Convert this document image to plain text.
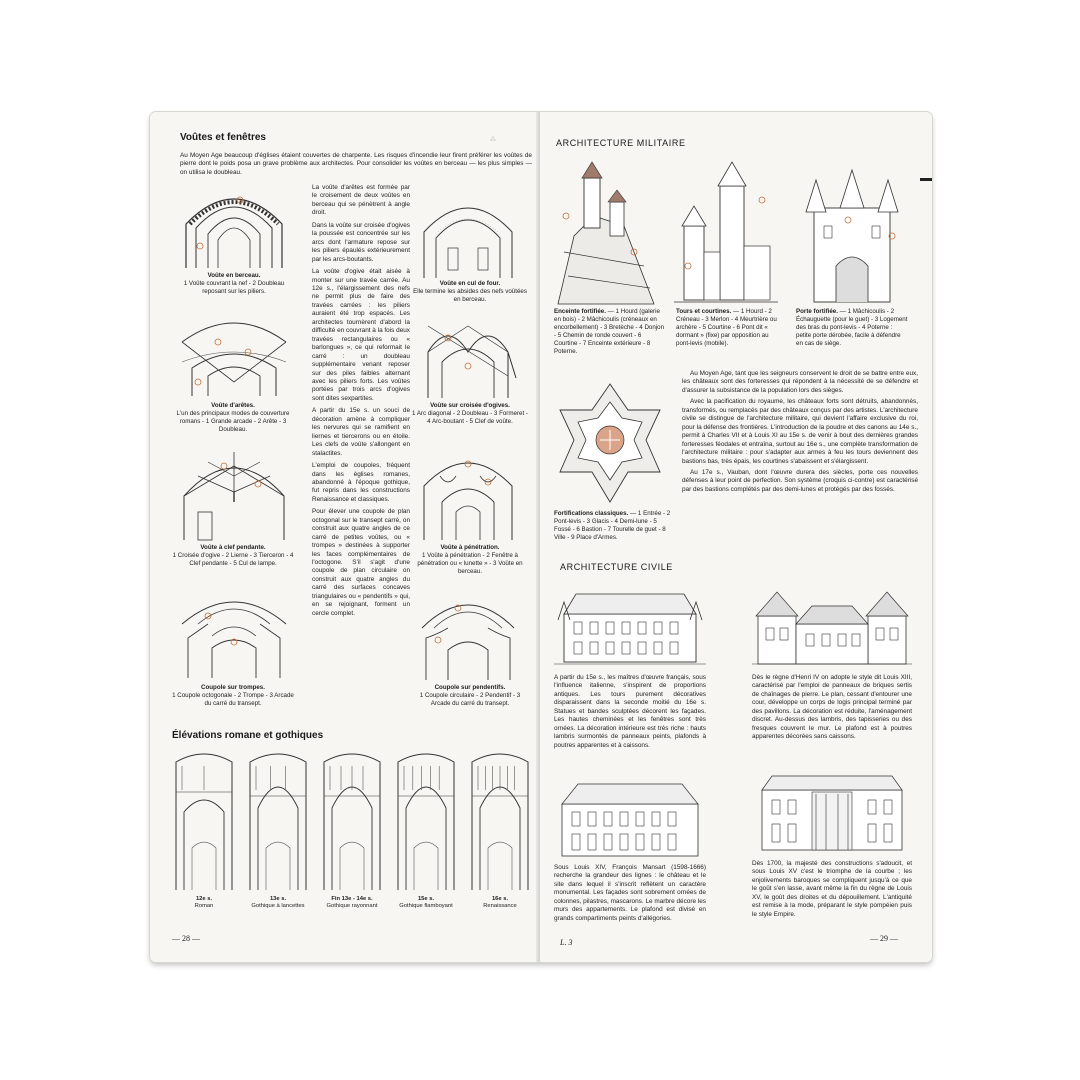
Voûtes et fenêtres	⁂
Au Moyen Age beaucoup d'églises étaient couvertes de charpente. Les risques d'incendie leur firent préférer les voûtes de pierre dont le poids posa un grave problème aux architectes. Pour consolider les voûtes en berceau — les plus simples — on utilisa le doubleau.
Voûte en berceau.
1 Voûte couvrant la nef - 2 Doubleau reposant sur les piliers.
Voûte d'arêtes.
L'un des principaux modes de couverture romans - 1 Grande arcade - 2 Arête - 3 Doubleau.
Voûte à clef pendante.
1 Croisée d'ogive - 2 Lierne - 3 Tierceron - 4 Clef pendante - 5 Cul de lampe.
Coupole sur trompes.
1 Coupole octogonale - 2 Trompe - 3 Arcade du carré du transept.

La voûte d'arêtes est formée par le croisement de deux voûtes en berceau qui se pénètrent à angle droit.

Dans la voûte sur croisée d'ogives la poussée est concentrée sur les arcs dont l'armature repose sur les piliers épaulés extérieurement par les arcs-boutants.

La voûte d'ogive était aisée à monter sur une travée carrée. Au 12e s., l'élargissement des nefs ne permit plus de faire des travées carrées : les piliers auraient été trop espacés. Les architectes tournèrent d'abord la difficulté en couvrant à la fois deux travées rectangulaires ou « barlongues », ce qui reformait le carré : un doubleau supplémentaire venant reposer sur des piles faibles alternant avec les piliers forts. Les voûtes portées par trois arcs d'ogives sont dites sexpartites.

A partir du 15e s. un souci de décoration amène à compliquer les nervures qui se ramifient en liernes et tiercerons ou en étoile. Les clefs de voûte s'allongent en stalactites.

L'emploi de coupoles, fréquent dans les églises romanes, abandonné à l'époque gothique, fut repris dans les constructions Renaissance et classiques.

Pour élever une coupole de plan octogonal sur le transept carré, on construit aux quatre angles de ce carré de petites voûtes, ou « trompes » destinées à supporter les faces complémentaires de l'octogone. S'il s'agit d'une coupole de plan circulaire on construit aux quatre angles du carré des surfaces concaves triangulaires ou « pendentifs » qui, en se rejoignant, forment un cercle complet.

Voûte en cul de four.
Elle termine les absides des nefs voûtées en berceau.
Voûte sur croisée d'ogives.
1 Arc diagonal - 2 Doubleau - 3 Formeret - 4 Arc-boutant - 5 Clef de voûte.
Voûte à pénétration.
1 Voûte à pénétration - 2 Fenêtre à pénétration ou « lunette » - 3 Voûte en berceau.
Coupole sur pendentifs.
1 Coupole circulaire - 2 Pendentif - 3 Arcade du carré du transept.
Élévations romane et gothiques
12e s.
Roman
13e s.
Gothique à lancettes
Fin 13e - 14e s.
Gothique rayonnant
15e s.
Gothique flamboyant
16e s.
Renaissance
— 28 —
ARCHITECTURE MILITAIRE
Enceinte fortifiée. — 1 Hourd (galerie en bois) - 2 Mâchicoulis (créneaux en encorbellement) - 3 Bretèche - 4 Donjon - 5 Chemin de ronde couvert - 6 Courtine - 7 Enceinte extérieure - 8 Poterne.
Tours et courtines. — 1 Hourd - 2 Créneau - 3 Merlon - 4 Meurtrière ou archère - 5 Courtine - 6 Pont dit « dormant » (fixe) par opposition au pont-levis (mobile).
Porte fortifiée. — 1 Mâchicoulis - 2 Échauguette (pour le guet) - 3 Logement des bras du pont-levis - 4 Poterne : petite porte dérobée, facile à défendre en cas de siège.
Fortifications classiques. — 1 Entrée - 2 Pont-levis - 3 Glacis - 4 Demi-lune - 5 Fossé - 6 Bastion - 7 Tourelle de guet - 8 Ville - 9 Place d'Armes.

Au Moyen Age, tant que les seigneurs conservent le droit de se battre entre eux, les châteaux sont des forteresses qui répondent à la nécessité de se défendre et d'assurer la subsistance de la population lors des sièges.

Avec la pacification du royaume, les châteaux forts sont détruits, abandonnés, transformés, ou remplacés par des châteaux conçus par des artistes. L'architecture civile se distingue de l'architecture militaire, qui devient l'affaire exclusive du roi, pour la défense des frontières. L'introduction de la poudre et des canons au 14e s., permit à Charles VII et à Louis XI au 15e s. de venir à bout des dernières grandes forteresses féodales et entraîna, surtout au 16e s., une complète transformation de l'architecture militaire : pour s'adapter aux armes à feu les tours deviennent des bastions bas, très épais, les courtines s'abaissent et s'élargissent.

Au 17e s., Vauban, dont l'œuvre durera des siècles, porte ces nouvelles défenses à leur point de perfection. Son système (croquis ci-contre) est caractérisé par des bastions complétés par des demi-lunes et protégés par des fossés.

ARCHITECTURE CIVILE
A partir du 15e s., les maîtres d'œuvre français, sous l'influence italienne, s'inspirent de proportions antiques. Les tours purement décoratives disparaissent dans la seconde moitié du 16e s. Statues et bandes sculptées décorent les façades. Les hautes cheminées et les fenêtres sont très ornées. La décoration intérieure est très riche : hauts lambris surmontés de panneaux peints, plafonds à poutres apparentes et à caissons.
Dès le règne d'Henri IV on adopte le style dit Louis XIII, caractérisé par l'emploi de panneaux de briques sertis de chaînages de pierre. Le plan, cessant d'entourer une cour, développe un corps de logis principal terminé par des pavillons. La décoration est réduite, l'aménagement discret. Au-dessus des lambris, des tapisseries ou des fresques couvrent le mur. Le plafond est à poutres apparentes décorées sans caissons.
Sous Louis XIV, François Mansart (1598-1666) recherche la grandeur des lignes : le château et le site dans lequel il s'inscrit reflètent un caractère monumental. Les façades sont sobrement ornées de colonnes, pilastres, mascarons. Le marbre décore les murs des appartements. Le plafond est divisé en grands compartiments peints d'allégories.
Dès 1700, la majesté des constructions s'adoucit, et sous Louis XV c'est le triomphe de la courbe ; les enjolivements baroques se compliquent jusqu'à ce que le goût s'en lasse, avant même la fin du règne de Louis XV, le goût des droites et du dépouillement. L'antiquité est remise à la mode, préparant le style pompéien puis le style Empire.
L. 3	— 29 —
